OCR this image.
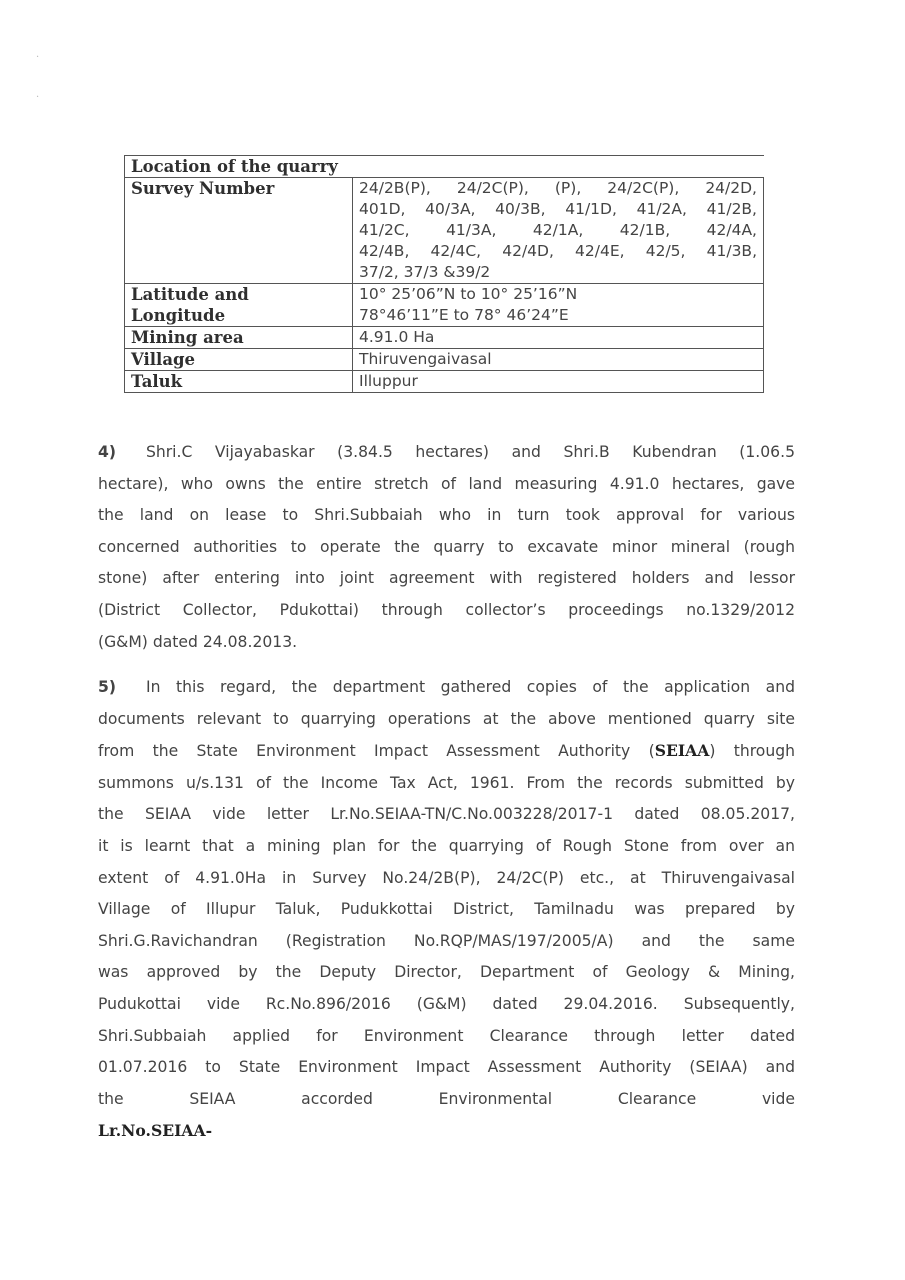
·
·
Location of the quarry	
Survey Number	24/2B(P), 24/2C(P), (P), 24/2C(P), 24/2D,
401D, 40/3A, 40/3B, 41/1D, 41/2A, 41/2B,
41/2C, 41/3A, 42/1A, 42/1B, 42/4A,
42/4B, 42/4C, 42/4D, 42/4E, 42/5, 41/3B,
37/2, 37/3 &39/2

Latitude and
Longitude	10° 25’06”N to 10° 25’16”N
78°46’11”E to 78° 46’24”E

Mining area	4.91.0 Ha
Village	Thiruvengaivasal
Taluk	Illuppur
4) Shri.C Vijayabaskar (3.84.5 hectares) and Shri.B Kubendran (1.06.5
hectare), who owns the entire stretch of land measuring 4.91.0 hectares, gave
the land on lease to Shri.Subbaiah who in turn took approval for various
concerned authorities to operate the quarry to excavate minor mineral (rough
stone) after entering into joint agreement with registered holders and lessor
(District Collector, Pdukottai) through collector’s proceedings no.1329/2012
(G&M) dated 24.08.2013.
5) In this regard, the department gathered copies of the application and
documents relevant to quarrying operations at the above mentioned quarry site
from the State Environment Impact Assessment Authority (SEIAA) through
summons u/s.131 of the Income Tax Act, 1961. From the records submitted by
the SEIAA vide letter Lr.No.SEIAA-TN/C.No.003228/2017-1 dated 08.05.2017,
it is learnt that a mining plan for the quarrying of Rough Stone from over an
extent of 4.91.0Ha in Survey No.24/2B(P), 24/2C(P) etc., at Thiruvengaivasal
Village of Illupur Taluk, Pudukkottai District, Tamilnadu was prepared by
Shri.G.Ravichandran (Registration No.RQP/MAS/197/2005/A) and the same
was approved by the Deputy Director, Department of Geology & Mining,
Pudukottai vide Rc.No.896/2016 (G&M) dated 29.04.2016. Subsequently,
Shri.Subbaiah applied for Environment Clearance through letter dated
01.07.2016 to State Environment Impact Assessment Authority (SEIAA) and
the SEIAA accorded Environmental Clearance vide Lr.No.SEIAA-
